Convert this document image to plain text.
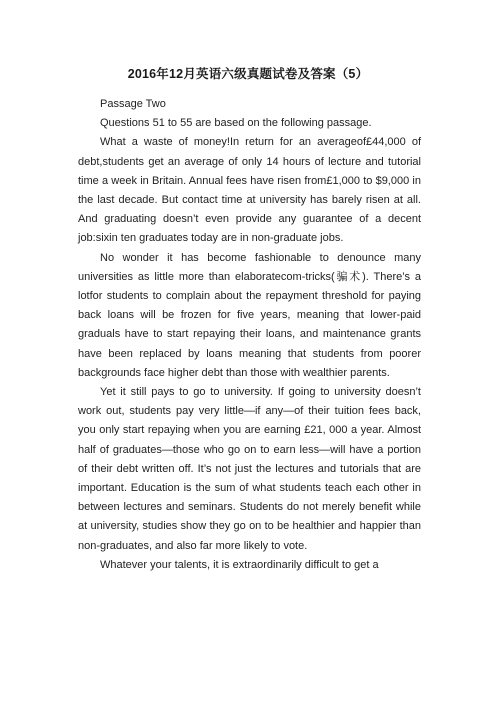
2016年12月英语六级真题试卷及答案（5）

Passage Two

Questions 51 to 55 are based on the following passage.

What a waste of money!In return for an averageof£44,000 of debt,students get an average of only 14 hours of lecture and tutorial time a week in Britain. Annual fees have risen from£1,000 to $9,000 in the last decade. But contact time at university has barely risen at all. And graduating doesn’t even provide any guarantee of a decent job:sixin ten graduates today are in non-graduate jobs.

No wonder it has become fashionable to denounce many universities as little more than elaboratecom-tricks(骗术). There’s a lotfor students to complain about the repayment threshold for paying back loans will be frozen for five years, meaning that lower-paid graduals have to start repaying their loans, and maintenance grants have been replaced by loans meaning that students from poorer backgrounds face higher debt than those with wealthier parents.

Yet it still pays to go to university. If going to university doesn’t work out, students pay very little—if any—of their tuition fees back, you only start repaying when you are earning £21, 000 a year. Almost half of graduates—those who go on to earn less—will have a portion of their debt written off. It’s not just the lectures and tutorials that are important. Education is the sum of what students teach each other in between lectures and seminars. Students do not merely benefit while at university, studies show they go on to be healthier and happier than non-graduates, and also far more likely to vote.

Whatever your talents, it is extraordinarily difficult to get a
